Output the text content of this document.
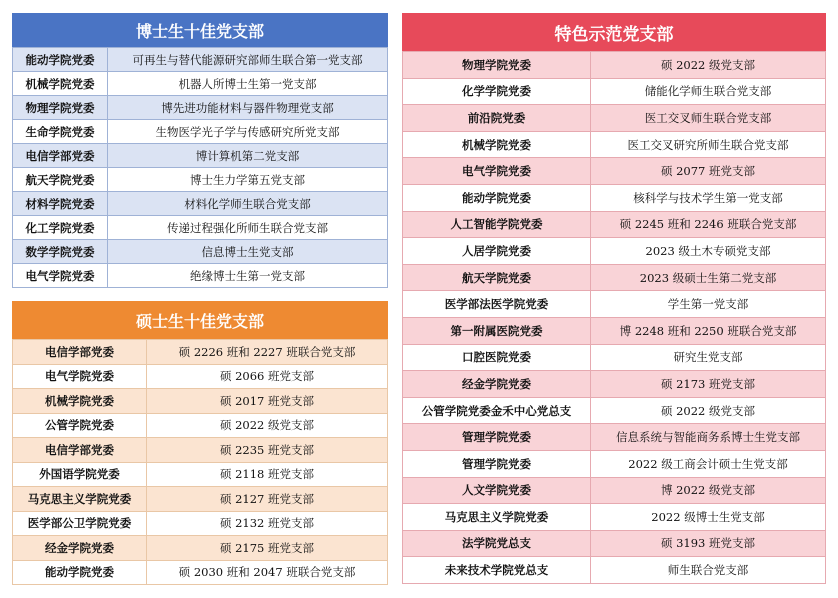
博士生十佳党支部
能动学院党委	可再生与替代能源研究部师生联合第一党支部
机械学院党委	机器人所博士生第一党支部
物理学院党委	博先进功能材料与器件物理党支部
生命学院党委	生物医学光子学与传感研究所党支部
电信学部党委	博计算机第二党支部
航天学院党委	博士生力学第五党支部
材料学院党委	材料化学师生联合党支部
化工学院党委	传递过程强化所师生联合党支部
数学学院党委	信息博士生党支部
电气学院党委	绝缘博士生第一党支部
硕士生十佳党支部
电信学部党委	硕 2226 班和 2227 班联合党支部
电气学院党委	硕 2066 班党支部
机械学院党委	硕 2017 班党支部
公管学院党委	硕 2022 级党支部
电信学部党委	硕 2235 班党支部
外国语学院党委	硕 2118 班党支部
马克思主义学院党委	硕 2127 班党支部
医学部公卫学院党委	硕 2132 班党支部
经金学院党委	硕 2175 班党支部
能动学院党委	硕 2030 班和 2047 班联合党支部
特色示范党支部
物理学院党委	硕 2022 级党支部
化学学院党委	储能化学师生联合党支部
前沿院党委	医工交叉师生联合党支部
机械学院党委	医工交叉研究所师生联合党支部
电气学院党委	硕 2077 班党支部
能动学院党委	核科学与技术学生第一党支部
人工智能学院党委	硕 2245 班和 2246 班联合党支部
人居学院党委	2023 级土木专硕党支部
航天学院党委	2023 级硕士生第二党支部
医学部法医学院党委	学生第一党支部
第一附属医院党委	博 2248 班和 2250 班联合党支部
口腔医院党委	研究生党支部
经金学院党委	硕 2173 班党支部
公管学院党委金禾中心党总支	硕 2022 级党支部
管理学院党委	信息系统与智能商务系博士生党支部
管理学院党委	2022 级工商会计硕士生党支部
人文学院党委	博 2022 级党支部
马克思主义学院党委	2022 级博士生党支部
法学院党总支	硕 3193 班党支部
未来技术学院党总支	师生联合党支部
